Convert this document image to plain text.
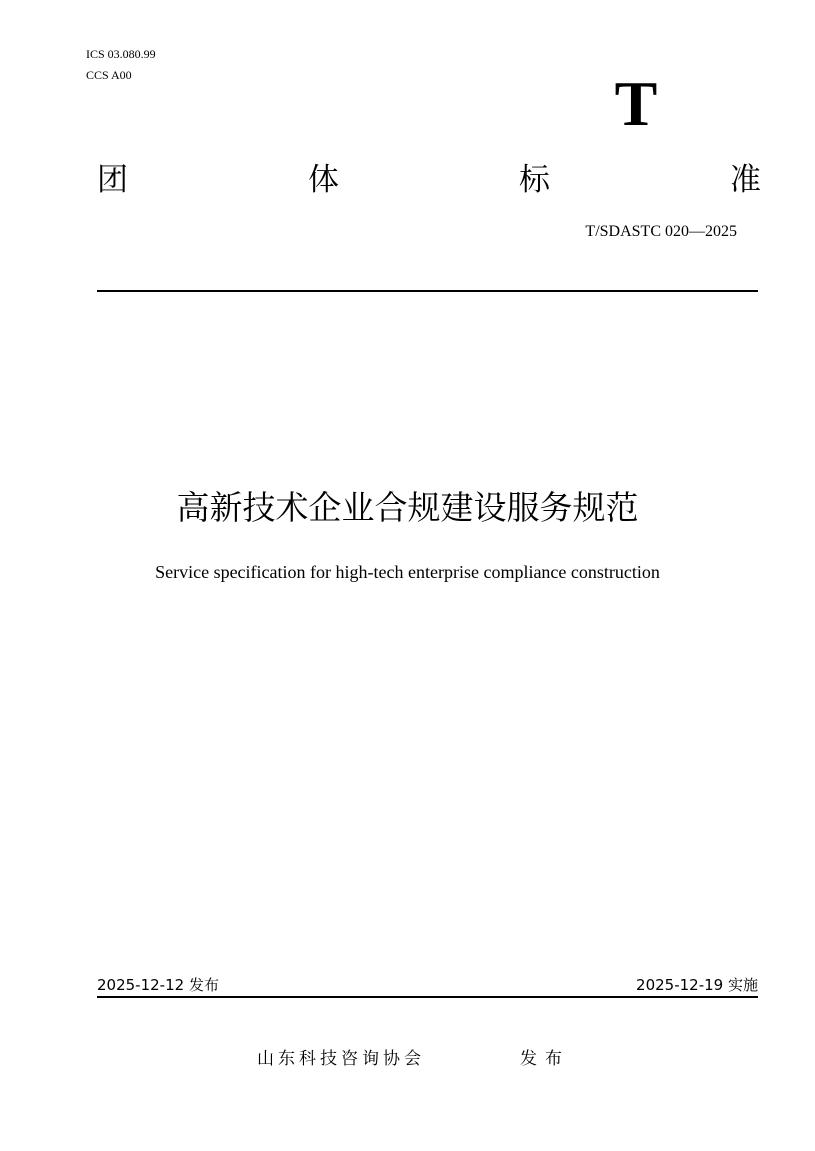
ICS 03.080.99
CCS A00	T
团	体	标	准
T/SDASTC 020—2025
高新技术企业合规建设服务规范
Service specification for high-tech enterprise compliance construction
2025-12-12 发布	2025-12-19 实施
山东科技咨询协会	发布
